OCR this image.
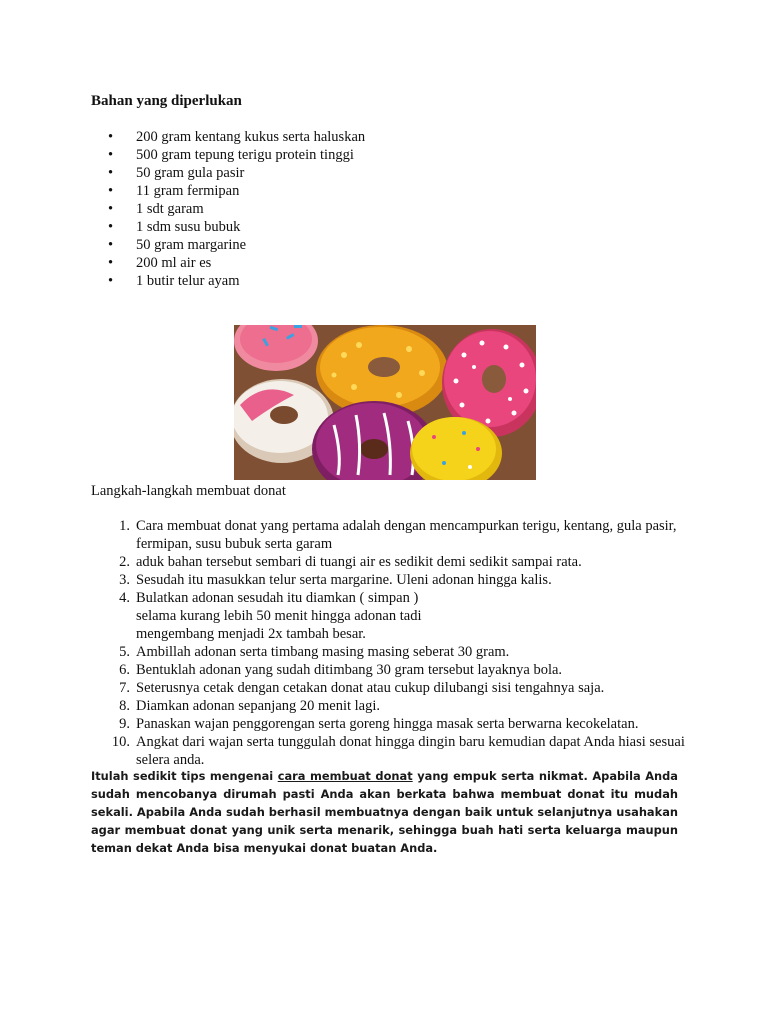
Bahan yang diperlukan
• 200 gram kentang kukus serta haluskan
• 500 gram tepung terigu protein tinggi
• 50 gram gula pasir
• 11 gram fermipan
• 1 sdt garam
• 1 sdm susu bubuk
• 50 gram margarine
• 200 ml air es
• 1 butir telur ayam
Langkah-langkah membuat donat
1. Cara membuat donat yang pertama adalah dengan mencampurkan terigu, kentang, gula pasir, fermipan, susu bubuk serta garam
2. aduk bahan tersebut sembari di tuangi air es sedikit demi sedikit sampai rata.
3. Sesudah itu masukkan telur serta margarine. Uleni adonan hingga kalis.
4. Bulatkan adonan sesudah itu diamkan ( simpan ) selama kurang lebih 50 menit hingga adonan tadi mengembang menjadi 2x tambah besar.
5. Ambillah adonan serta timbang masing masing seberat 30 gram.
6. Bentuklah adonan yang sudah ditimbang 30 gram tersebut layaknya bola.
7. Seterusnya cetak dengan cetakan donat atau cukup dilubangi sisi tengahnya saja.
8. Diamkan adonan sepanjang 20 menit lagi.
9. Panaskan wajan penggorengan serta goreng hingga masak serta berwarna kecokelatan.
10. Angkat dari wajan serta tunggulah donat hingga dingin baru kemudian dapat Anda hiasi sesuai selera anda.

Itulah sedikit tips mengenai cara membuat donat yang empuk serta nikmat. Apabila Anda sudah mencobanya dirumah pasti Anda akan berkata bahwa membuat donat itu mudah sekali. Apabila Anda sudah berhasil membuatnya dengan baik untuk selanjutnya usahakan agar membuat donat yang unik serta menarik, sehingga buah hati serta keluarga maupun teman dekat Anda bisa menyukai donat buatan Anda.
